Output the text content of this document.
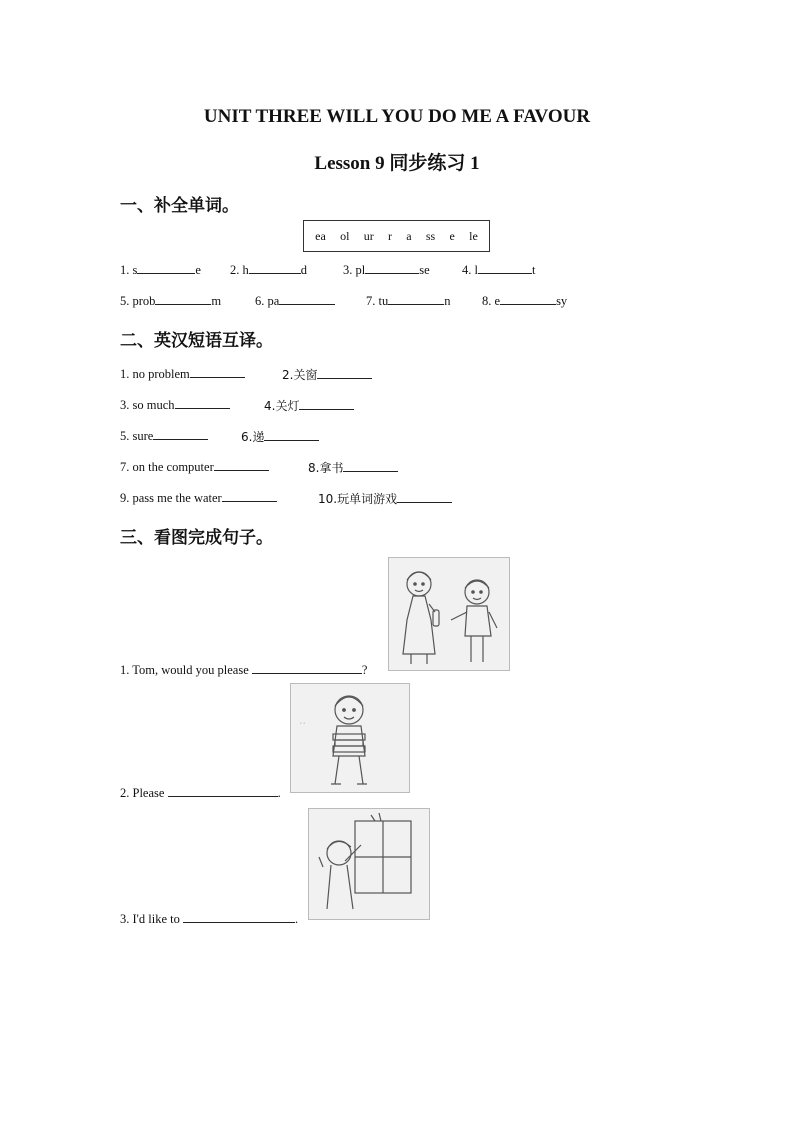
UNIT THREE WILL YOU DO ME A FAVOUR
Lesson 9 同步练习 1
一、补全单词。
ea ol ur r a ss e le
1. s	e 2. h	d	3. pl	se	4. l	t
5. prob	m	6. pa	7. tu	n	8. e	sy
二、英汉短语互译。
1. no problem	2.关窗
3. so much	4.关灯
5. sure	6.递
7. on the computer	8.拿书
9. pass me the water	10.玩单词游戏
三、看图完成句子。
1. Tom, would you please	?
..
2. Please	.
3. I'd like to	.
